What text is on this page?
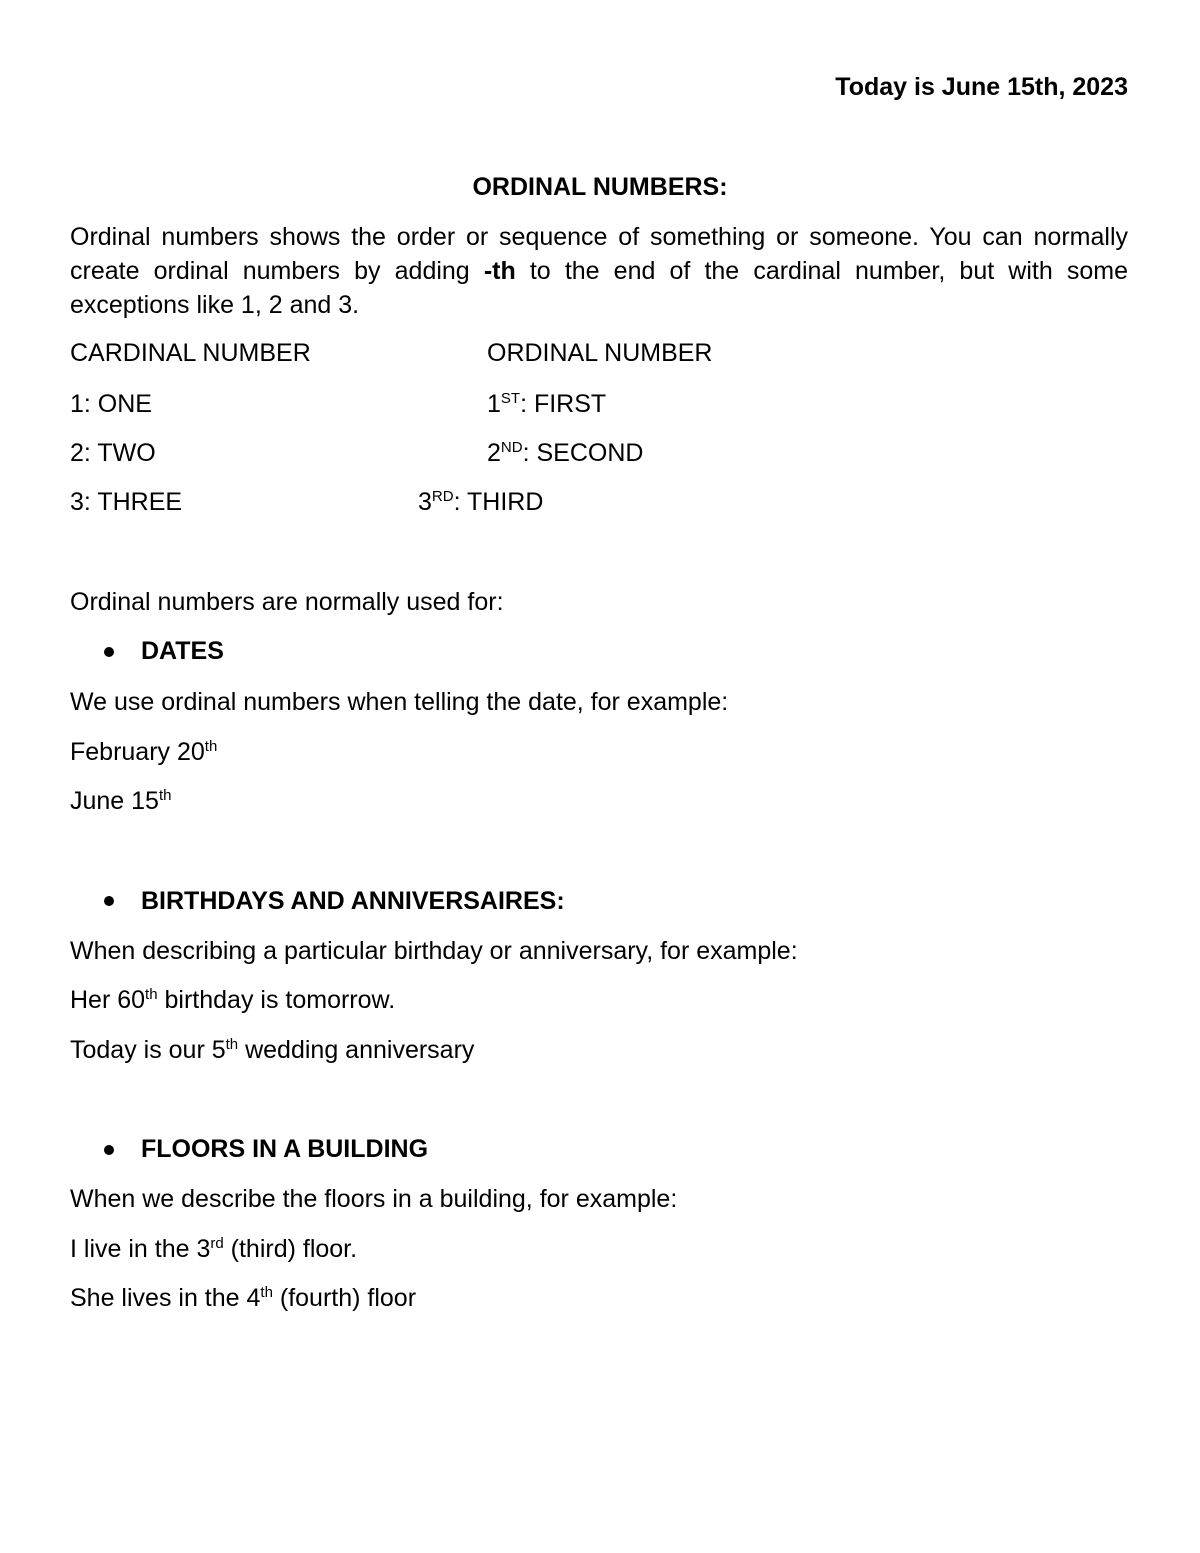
Today is June 15th, 2023
ORDINAL NUMBERS:
Ordinal numbers shows the order or sequence of something or someone. You can normally create ordinal numbers by adding -th to the end of the cardinal number, but with some exceptions like 1, 2 and 3.
CARDINAL NUMBER	ORDINAL NUMBER
1: ONE	1ST: FIRST
2: TWO	2ND: SECOND
3: THREE	3RD: THIRD
Ordinal numbers are normally used for:
DATES
We use ordinal numbers when telling the date, for example:
February 20th
June 15th
BIRTHDAYS AND ANNIVERSAIRES:
When describing a particular birthday or anniversary, for example:
Her 60th birthday is tomorrow.
Today is our 5th wedding anniversary
FLOORS IN A BUILDING
When we describe the floors in a building, for example:
I live in the 3rd (third) floor.
She lives in the 4th (fourth) floor
